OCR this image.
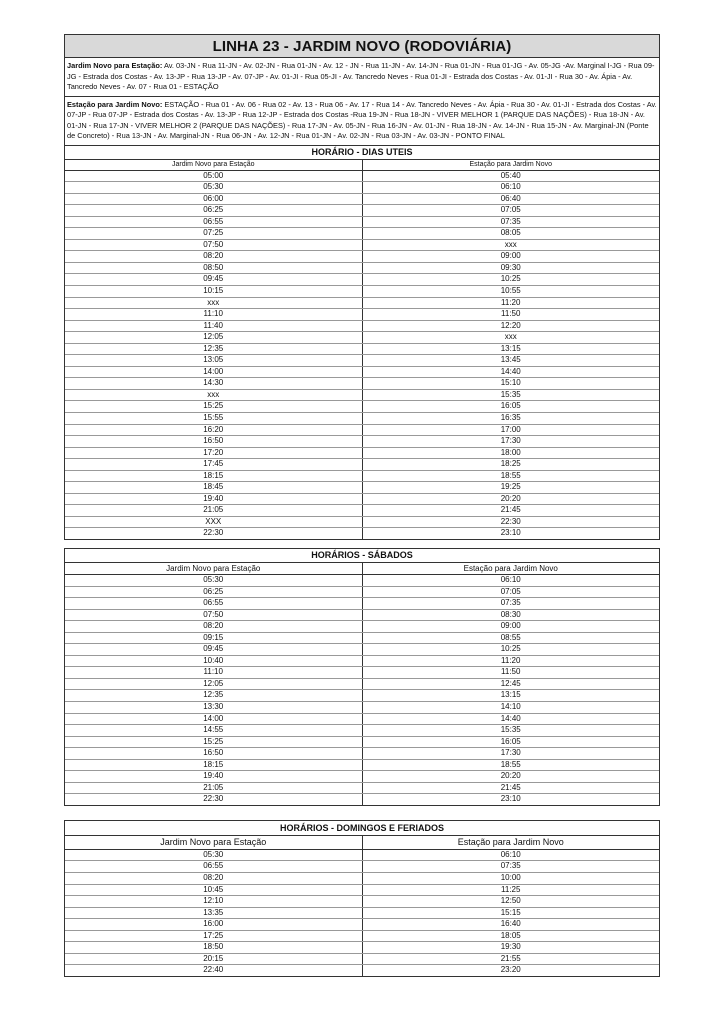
LINHA 23 - JARDIM NOVO (RODOVIÁRIA)
Jardim Novo para Estação: Av. 03-JN - Rua 11-JN - Av. 02-JN - Rua 01-JN - Av. 12 - JN - Rua 11-JN - Av. 14-JN - Rua 01-JN - Rua 01-JG - Av. 05-JG -Av. Marginal I-JG - Rua 09-JG - Estrada dos Costas - Av. 13-JP - Rua 13-JP - Av. 07-JP - Av. 01-JI - Rua 05-JI - Av. Tancredo Neves - Rua 01-JI - Estrada dos Costas - Av. 01-JI - Rua 30 - Av. Ápia - Av. Tancredo Neves - Av. 07 - Rua 01 - ESTAÇÃO
Estação para Jardim Novo: ESTAÇÃO - Rua 01 - Av. 06 - Rua 02 - Av. 13 - Rua 06 - Av. 17 - Rua 14 - Av. Tancredo Neves - Av. Ápia - Rua 30 - Av. 01-JI - Estrada dos Costas - Av. 07-JP - Rua 07-JP - Estrada dos Costas - Av. 13-JP - Rua 12-JP - Estrada dos Costas -Rua 19-JN - Rua 18-JN - VIVER MELHOR 1 (PARQUE DAS NAÇÕES) - Rua 18-JN - Av. 01-JN - Rua 17-JN - VIVER MELHOR 2 (PARQUE DAS NAÇÕES) - Rua 17-JN - Av. 05-JN - Rua 16-JN - Av. 01-JN - Rua 18-JN - Av. 14-JN - Rua 15-JN - Av. Marginal-JN (Ponte de Concreto) - Rua 13-JN - Av. Marginal-JN - Rua 06-JN - Av. 12-JN - Rua 01-JN - Av. 02-JN - Rua 03-JN - Av. 03-JN - PONTO FINAL
HORÁRIO - DIAS UTEIS
Jardim Novo para Estação	Estação para Jardim Novo
05:00	05:40
05:30	06:10
06:00	06:40
06:25	07:05
06:55	07:35
07:25	08:05
07:50	xxx
08:20	09:00
08:50	09:30
09:45	10:25
10:15	10:55
xxx	11:20
11:10	11:50
11:40	12:20
12:05	xxx
12:35	13:15
13:05	13:45
14:00	14:40
14:30	15:10
xxx	15:35
15:25	16:05
15:55	16:35
16:20	17:00
16:50	17:30
17:20	18:00
17:45	18:25
18:15	18:55
18:45	19:25
19:40	20:20
21:05	21:45
XXX	22:30
22:30	23:10
HORÁRIOS - SÁBADOS
Jardim Novo para Estação	Estação para Jardim Novo
05:30	06:10
06:25	07:05
06:55	07:35
07:50	08:30
08:20	09:00
09:15	08:55
09:45	10:25
10:40	11:20
11:10	11:50
12:05	12:45
12:35	13:15
13:30	14:10
14:00	14:40
14:55	15:35
15:25	16:05
16:50	17:30
18:15	18:55
19:40	20:20
21:05	21:45
22:30	23:10
HORÁRIOS - DOMINGOS E FERIADOS
Jardim Novo para Estação	Estação para Jardim Novo
05:30	06:10
06:55	07:35
08:20	10:00
10:45	11:25
12:10	12:50
13:35	15:15
16:00	16:40
17:25	18:05
18:50	19:30
20:15	21:55
22:40	23:20
